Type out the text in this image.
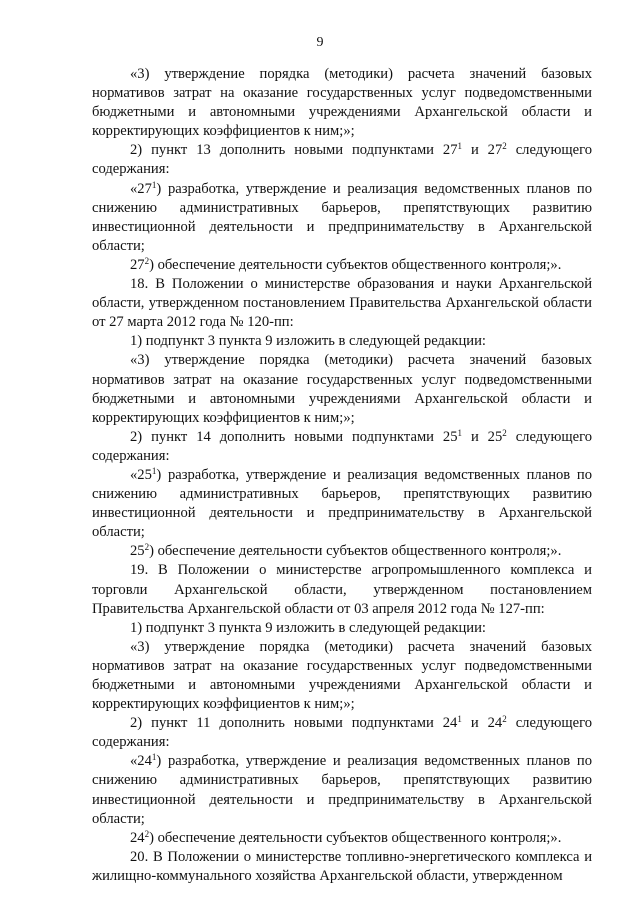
9

«3) утверждение порядка (методики) расчета значений базовых нормативов затрат на оказание государственных услуг подведомственными бюджетными и автономными учреждениями Архангельской области и корректирующих коэффициентов к ним;»;

2) пункт 13 дополнить новыми подпунктами $27^1$ и $27^2$ следующего содержания:

«$27^1$) разработка, утверждение и реализация ведомственных планов по снижению административных барьеров, препятствующих развитию инвестиционной деятельности и предпринимательству в Архангельской области;

$27^2$) обеспечение деятельности субъектов общественного контроля;».

18. В Положении о министерстве образования и науки Архангельской области, утвержденном постановлением Правительства Архангельской области от 27 марта 2012 года № 120-пп:

1) подпункт 3 пункта 9 изложить в следующей редакции:

«3) утверждение порядка (методики) расчета значений базовых нормативов затрат на оказание государственных услуг подведомственными бюджетными и автономными учреждениями Архангельской области и корректирующих коэффициентов к ним;»;

2) пункт 14 дополнить новыми подпунктами $25^1$ и $25^2$ следующего содержания:

«$25^1$) разработка, утверждение и реализация ведомственных планов по снижению административных барьеров, препятствующих развитию инвестиционной деятельности и предпринимательству в Архангельской области;

$25^2$) обеспечение деятельности субъектов общественного контроля;».

19. В Положении о министерстве агропромышленного комплекса и торговли Архангельской области, утвержденном постановлением Правительства Архангельской области от 03 апреля 2012 года № 127-пп:

1) подпункт 3 пункта 9 изложить в следующей редакции:

«3) утверждение порядка (методики) расчета значений базовых нормативов затрат на оказание государственных услуг подведомственными бюджетными и автономными учреждениями Архангельской области и корректирующих коэффициентов к ним;»;

2) пункт 11 дополнить новыми подпунктами $24^1$ и $24^2$ следующего содержания:

«$24^1$) разработка, утверждение и реализация ведомственных планов по снижению административных барьеров, препятствующих развитию инвестиционной деятельности и предпринимательству в Архангельской области;

$24^2$) обеспечение деятельности субъектов общественного контроля;».

20. В Положении о министерстве топливно-энергетического комплекса и жилищно-коммунального хозяйства Архангельской области, утвержденном
